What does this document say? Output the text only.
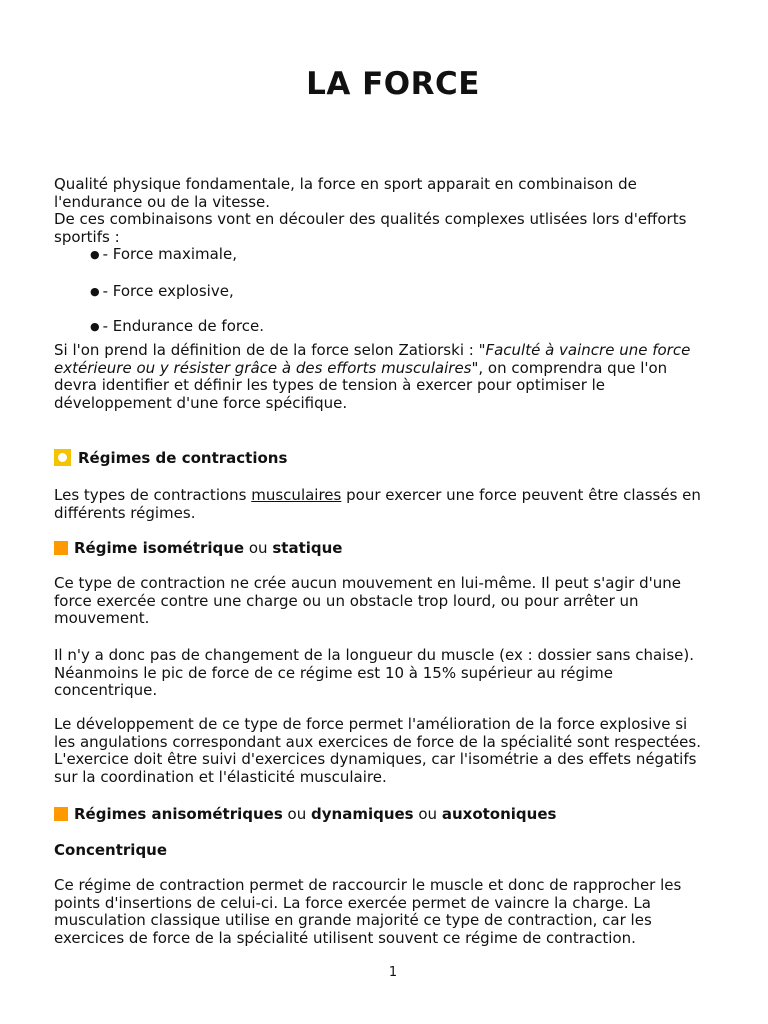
LA FORCE
Qualité physique fondamentale, la force en sport apparait en combinaison de
l'endurance ou de la vitesse.
De ces combinaisons vont en découler des qualités complexes utlisées lors d'efforts
sportifs :
● - Force maximale,
● - Force explosive,
● - Endurance de force.
Si l'on prend la définition de de la force selon Zatiorski : "Faculté à vaincre une force
extérieure ou y résister grâce à des efforts musculaires", on comprendra que l'on
devra identifier et définir les types de tension à exercer pour optimiser le
développement d'une force spécifique.
Régimes de contractions
Les types de contractions musculaires pour exercer une force peuvent être classés en
différents régimes.
Régime isométrique ou statique
Ce type de contraction ne crée aucun mouvement en lui-même. Il peut s'agir d'une
force exercée contre une charge ou un obstacle trop lourd, ou pour arrêter un
mouvement.
Il n'y a donc pas de changement de la longueur du muscle (ex : dossier sans chaise).
Néanmoins le pic de force de ce régime est 10 à 15% supérieur au régime
concentrique.
Le développement de ce type de force permet l'amélioration de la force explosive si
les angulations correspondant aux exercices de force de la spécialité sont respectées.
L'exercice doit être suivi d'exercices dynamiques, car l'isométrie a des effets négatifs
sur la coordination et l'élasticité musculaire.
Régimes anisométriques ou dynamiques ou auxotoniques
Concentrique
Ce régime de contraction permet de raccourcir le muscle et donc de rapprocher les
points d'insertions de celui-ci. La force exercée permet de vaincre la charge. La
musculation classique utilise en grande majorité ce type de contraction, car les
exercices de force de la spécialité utilisent souvent ce régime de contraction.
1
